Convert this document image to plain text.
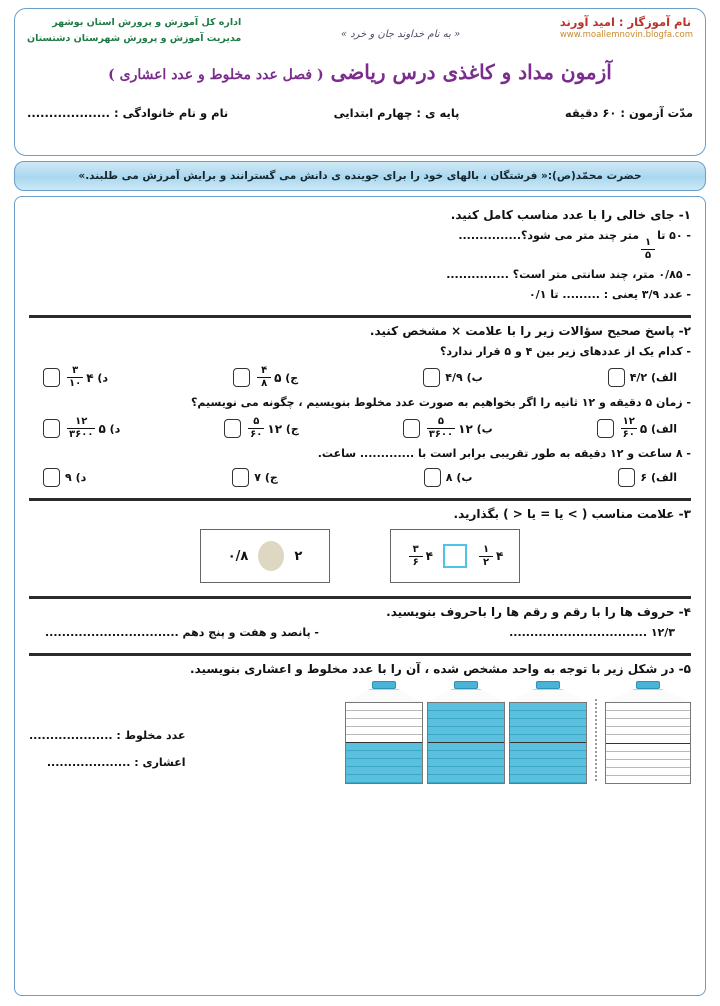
اداره کل آموزش و پرورش استان بوشهر
مدیریت آموزش و پرورش شهرستان دشتستان	« به نام خداوند جان و خرد »
نام آموزگار : امید آورند
www.moallemnovin.blogfa.com
آزمون مداد و کاغذی درس ریاضی ( فصل عدد مخلوط و عدد اعشاری )
نام و نام خانوادگی : ...................	پایه ی : چهارم ابتدایی	مدّت آزمون : ۶۰ دقیقه
حضرت محمّد(ص):« فرشتگان ، بالهای خود را برای جوینده ی دانش می گسترانند و برایش آمرزش می طلبند.»
۱- جای خالی را با عدد مناسب کامل کنید.
- ۵۰ تا
$\frac{۱}{۵}$
متر چند متر می شود؟...............
- ۰/۸۵ متر، چند سانتی متر است؟ ...............
- عدد ۳/۹ یعنی : ......... تا ۰/۱
۲- پاسخ صحیح سؤالات زیر را با علامت × مشخص کنید.
- کدام یک از عددهای زیر بین ۴ و ۵ قرار ندارد؟
الف) ۴/۲
ب) ۴/۹
ج)
۵
$\frac{۴}{۸}$
د)
۴
$\frac{۳}{۱۰}$
- زمان ۵ دقیقه و ۱۲ ثانیه را اگر بخواهیم به صورت عدد مخلوط بنویسیم ، چگونه می نویسیم؟
الف)
۵
$\frac{۱۲}{۶۰}$
ب)
۱۲
$\frac{۵}{۳۶۰۰}$
ج)
۱۲
$\frac{۵}{۶۰}$
د)
۵
$\frac{۱۲}{۳۶۰۰}$
- ۸ ساعت و ۱۲ دقیقه به طور تقریبی برابر است با ............. ساعت.
الف) ۶
ب) ۸
ج) ۷
د) ۹
۳- علامت مناسب ( > یا = یا < ) بگذارید.
۴
$\frac{۱}{۲}$
۴
$\frac{۳}{۶}$
۲
۰/۸
۴- حروف ها را با رقم و رقم ها را باحروف بنویسید.
۱۲/۳ .................................
- پانصد و هفت و پنج دهم ................................
۵- در شکل زیر با توجه به واحد مشخص شده ، آن را با عدد مخلوط و اعشاری بنویسید.
عدد مخلوط : ....................
اعشاری : ....................
